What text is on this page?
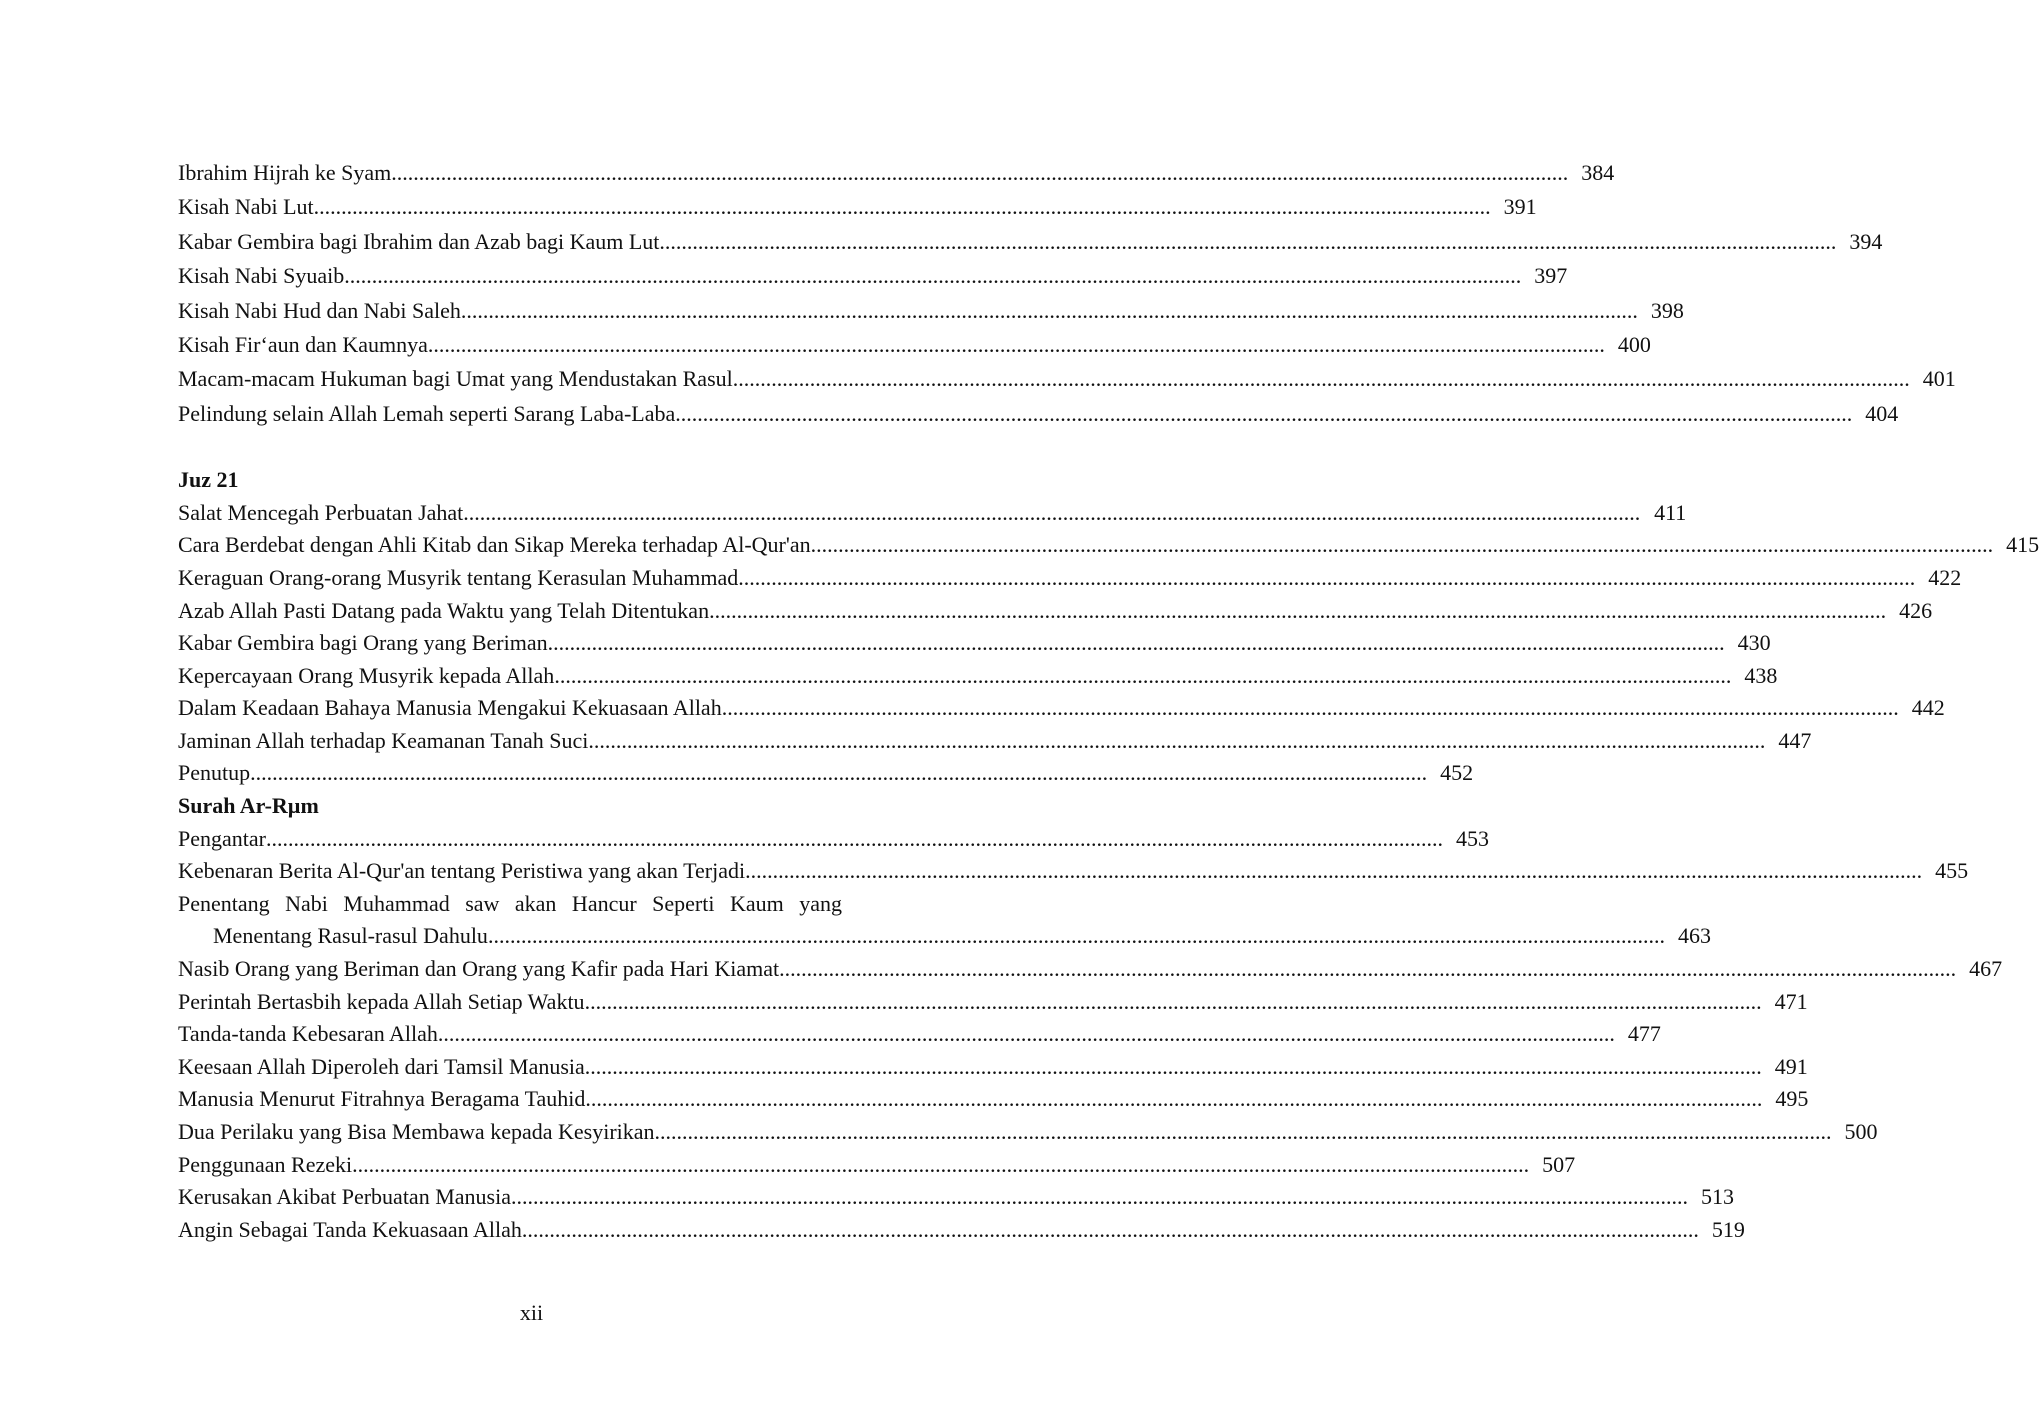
Ibrahim Hijrah ke Syam .....	384
Kisah Nabi Lut .....	391
Kabar Gembira bagi Ibrahim dan Azab bagi Kaum Lut .....	394
Kisah Nabi Syuaib .....	397
Kisah Nabi Hud dan Nabi Saleh .....	398
Kisah Fir‘aun dan Kaumnya .....	400
Macam-macam Hukuman bagi Umat yang Mendustakan Rasul .....	401
Pelindung selain Allah Lemah seperti Sarang Laba-Laba .....	404
Juz 21
Salat Mencegah Perbuatan Jahat .....	411
Cara Berdebat dengan Ahli Kitab dan Sikap Mereka terhadap Al-Qur'an. .....	415
Keraguan Orang-orang Musyrik tentang Kerasulan Muhammad .....	422
Azab Allah Pasti Datang pada Waktu yang Telah Ditentukan .....	426
Kabar Gembira bagi Orang yang Beriman .....	430
Kepercayaan Orang Musyrik kepada Allah .....	438
Dalam Keadaan Bahaya Manusia Mengakui Kekuasaan Allah .....	442
Jaminan Allah terhadap Keamanan Tanah Suci .....	447
Penutup .....	452
Surah Ar-Rµm
Pengantar .....	453
Kebenaran Berita Al-Qur'an tentang Peristiwa yang akan Terjadi .....	455
Penentang Nabi Muhammad saw akan Hancur Seperti Kaum yang
Menentang Rasul-rasul Dahulu .....	463
Nasib Orang yang Beriman dan Orang yang Kafir pada Hari Kiamat .....	467
Perintah Bertasbih kepada Allah Setiap Waktu .....	471
Tanda-tanda Kebesaran Allah .....	477
Keesaan Allah Diperoleh dari Tamsil Manusia .....	491
Manusia Menurut Fitrahnya Beragama Tauhid .....	495
Dua Perilaku yang Bisa Membawa kepada Kesyirikan .....	500
Penggunaan Rezeki .....	507
Kerusakan Akibat Perbuatan Manusia .....	513
Angin Sebagai Tanda Kekuasaan Allah .....	519
xii
